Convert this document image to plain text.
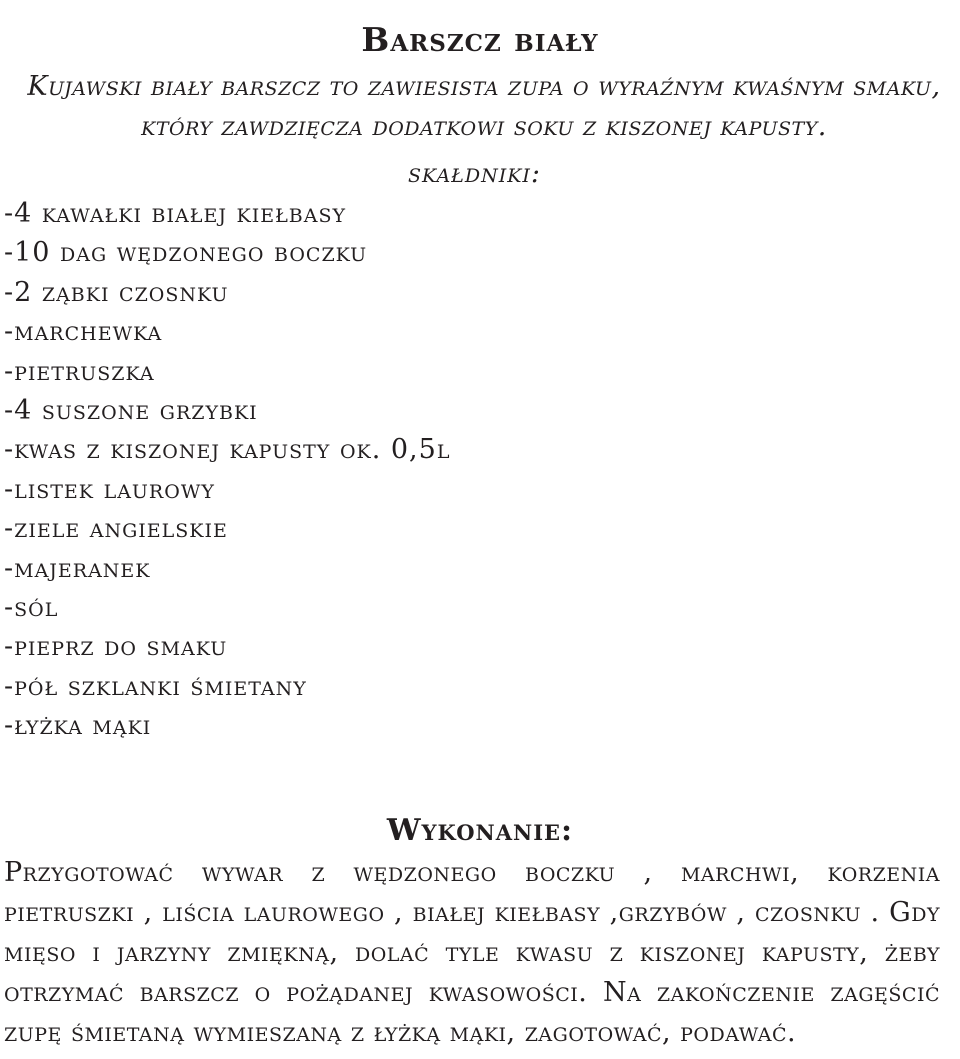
Barszcz biały

Kujawski biały barszcz to zawiesista zupa o wyraźnym kwaśnym smaku, który zawdzięcza dodatkowi soku z kiszonej kapusty.

skałdniki:
-4 kawałki białej kiełbasy
-10 dag wędzonego boczku
-2 ząbki czosnku
-marchewka
-pietruszka
-4 suszone grzybki
-kwas z kiszonej kapusty ok. 0,5l
-listek laurowy
-ziele angielskie
-majeranek
-sól
-pieprz do smaku
-pół szklanki śmietany
-łyżka mąki
Wykonanie:

Przygotować wywar z wędzonego boczku , marchwi, korzenia pietruszki , liścia laurowego , białej kiełbasy ,grzybów , czosnku . Gdy mięso i jarzyny zmiękną, dolać tyle kwasu z kiszonej kapusty, żeby otrzymać barszcz o pożądanej kwasowości. Na zakończenie zagęścić zupę śmietaną wymieszaną z łyżką mąki, zagotować, podawać.
